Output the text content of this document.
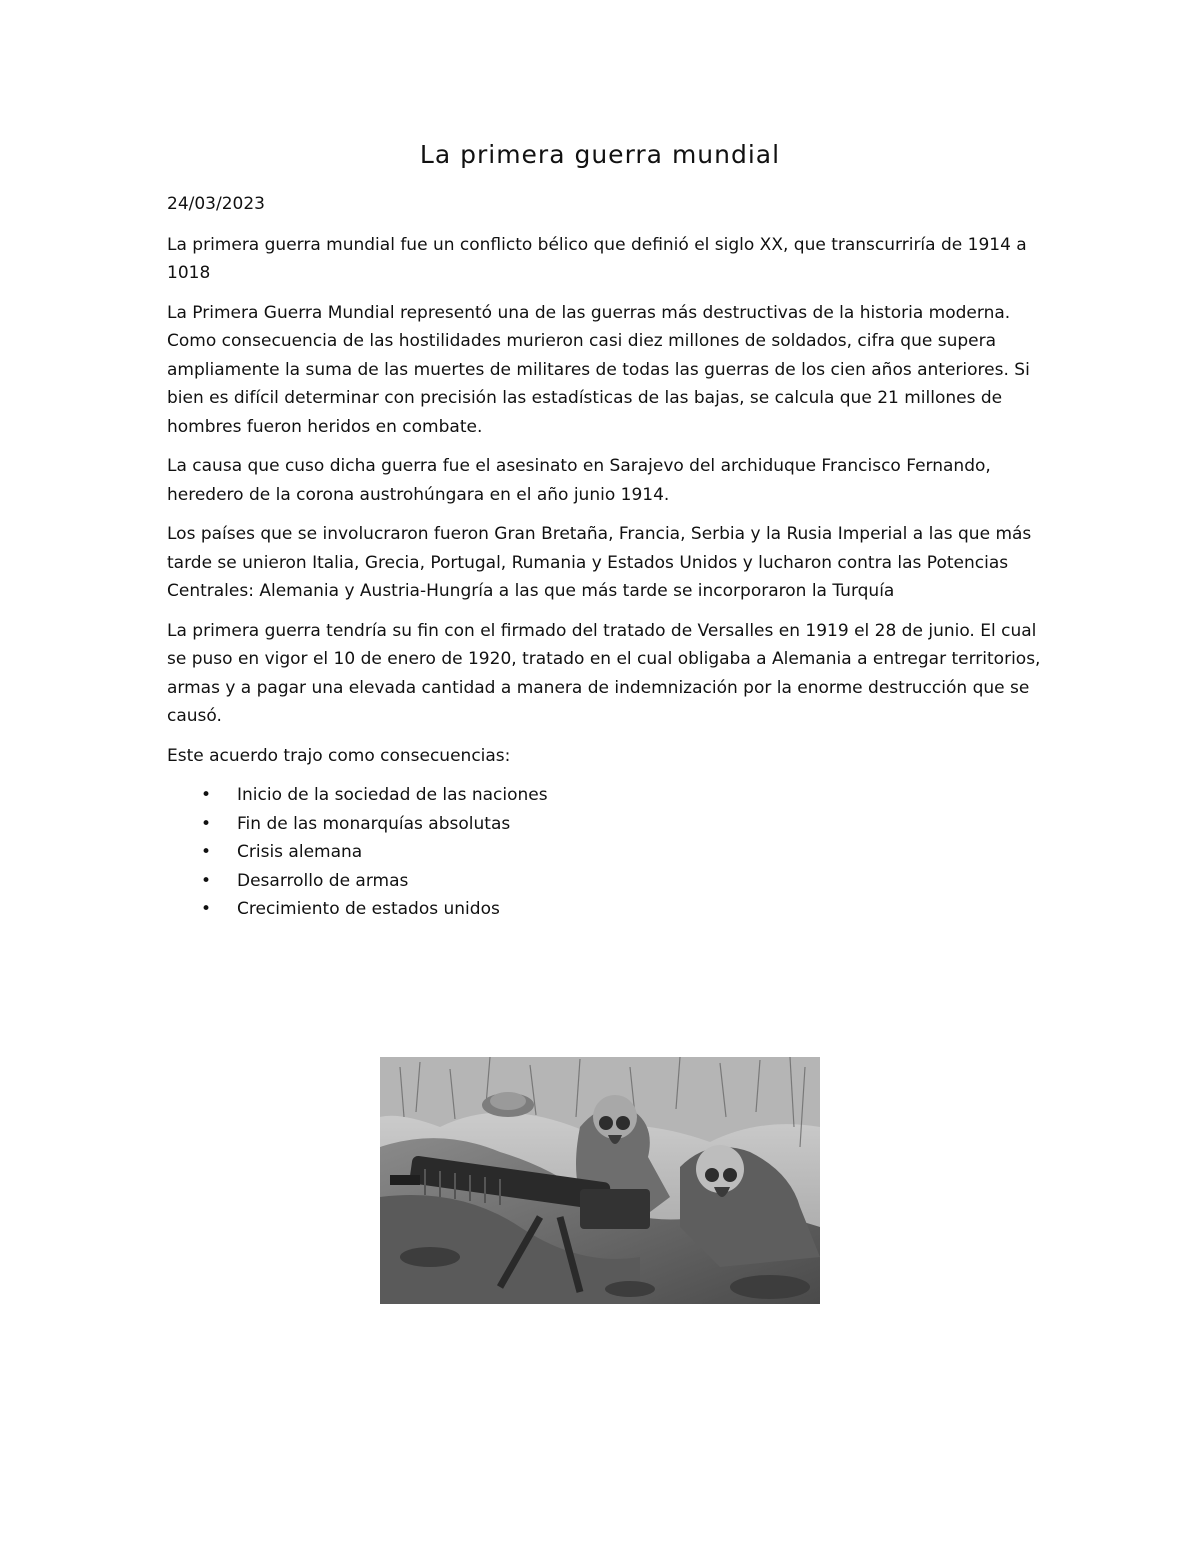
La primera guerra mundial

24/03/2023

La primera guerra mundial fue un conflicto bélico que definió el siglo XX, que transcurriría de 1914 a 1018

La Primera Guerra Mundial representó una de las guerras más destructivas de la historia moderna. Como consecuencia de las hostilidades murieron casi diez millones de soldados, cifra que supera ampliamente la suma de las muertes de militares de todas las guerras de los cien años anteriores. Si bien es difícil determinar con precisión las estadísticas de las bajas, se calcula que 21 millones de hombres fueron heridos en combate.

La causa que cuso dicha guerra fue el asesinato en Sarajevo del archiduque Francisco Fernando, heredero de la corona austrohúngara en el año junio 1914.

Los países que se involucraron fueron Gran Bretaña, Francia, Serbia y la Rusia Imperial a las que más tarde se unieron Italia, Grecia, Portugal, Rumania y Estados Unidos y lucharon contra las Potencias Centrales: Alemania y Austria-Hungría a las que más tarde se incorporaron la Turquía

La primera guerra tendría su fin con el firmado del tratado de Versalles en 1919 el 28 de junio. El cual se puso en vigor el 10 de enero de 1920, tratado en el cual obligaba a Alemania a entregar territorios, armas y a pagar una elevada cantidad a manera de indemnización por la enorme destrucción que se causó.

Este acuerdo trajo como consecuencias:

• Inicio de la sociedad de las naciones
• Fin de las monarquías absolutas
• Crisis alemana
• Desarrollo de armas
• Crecimiento de estados unidos
